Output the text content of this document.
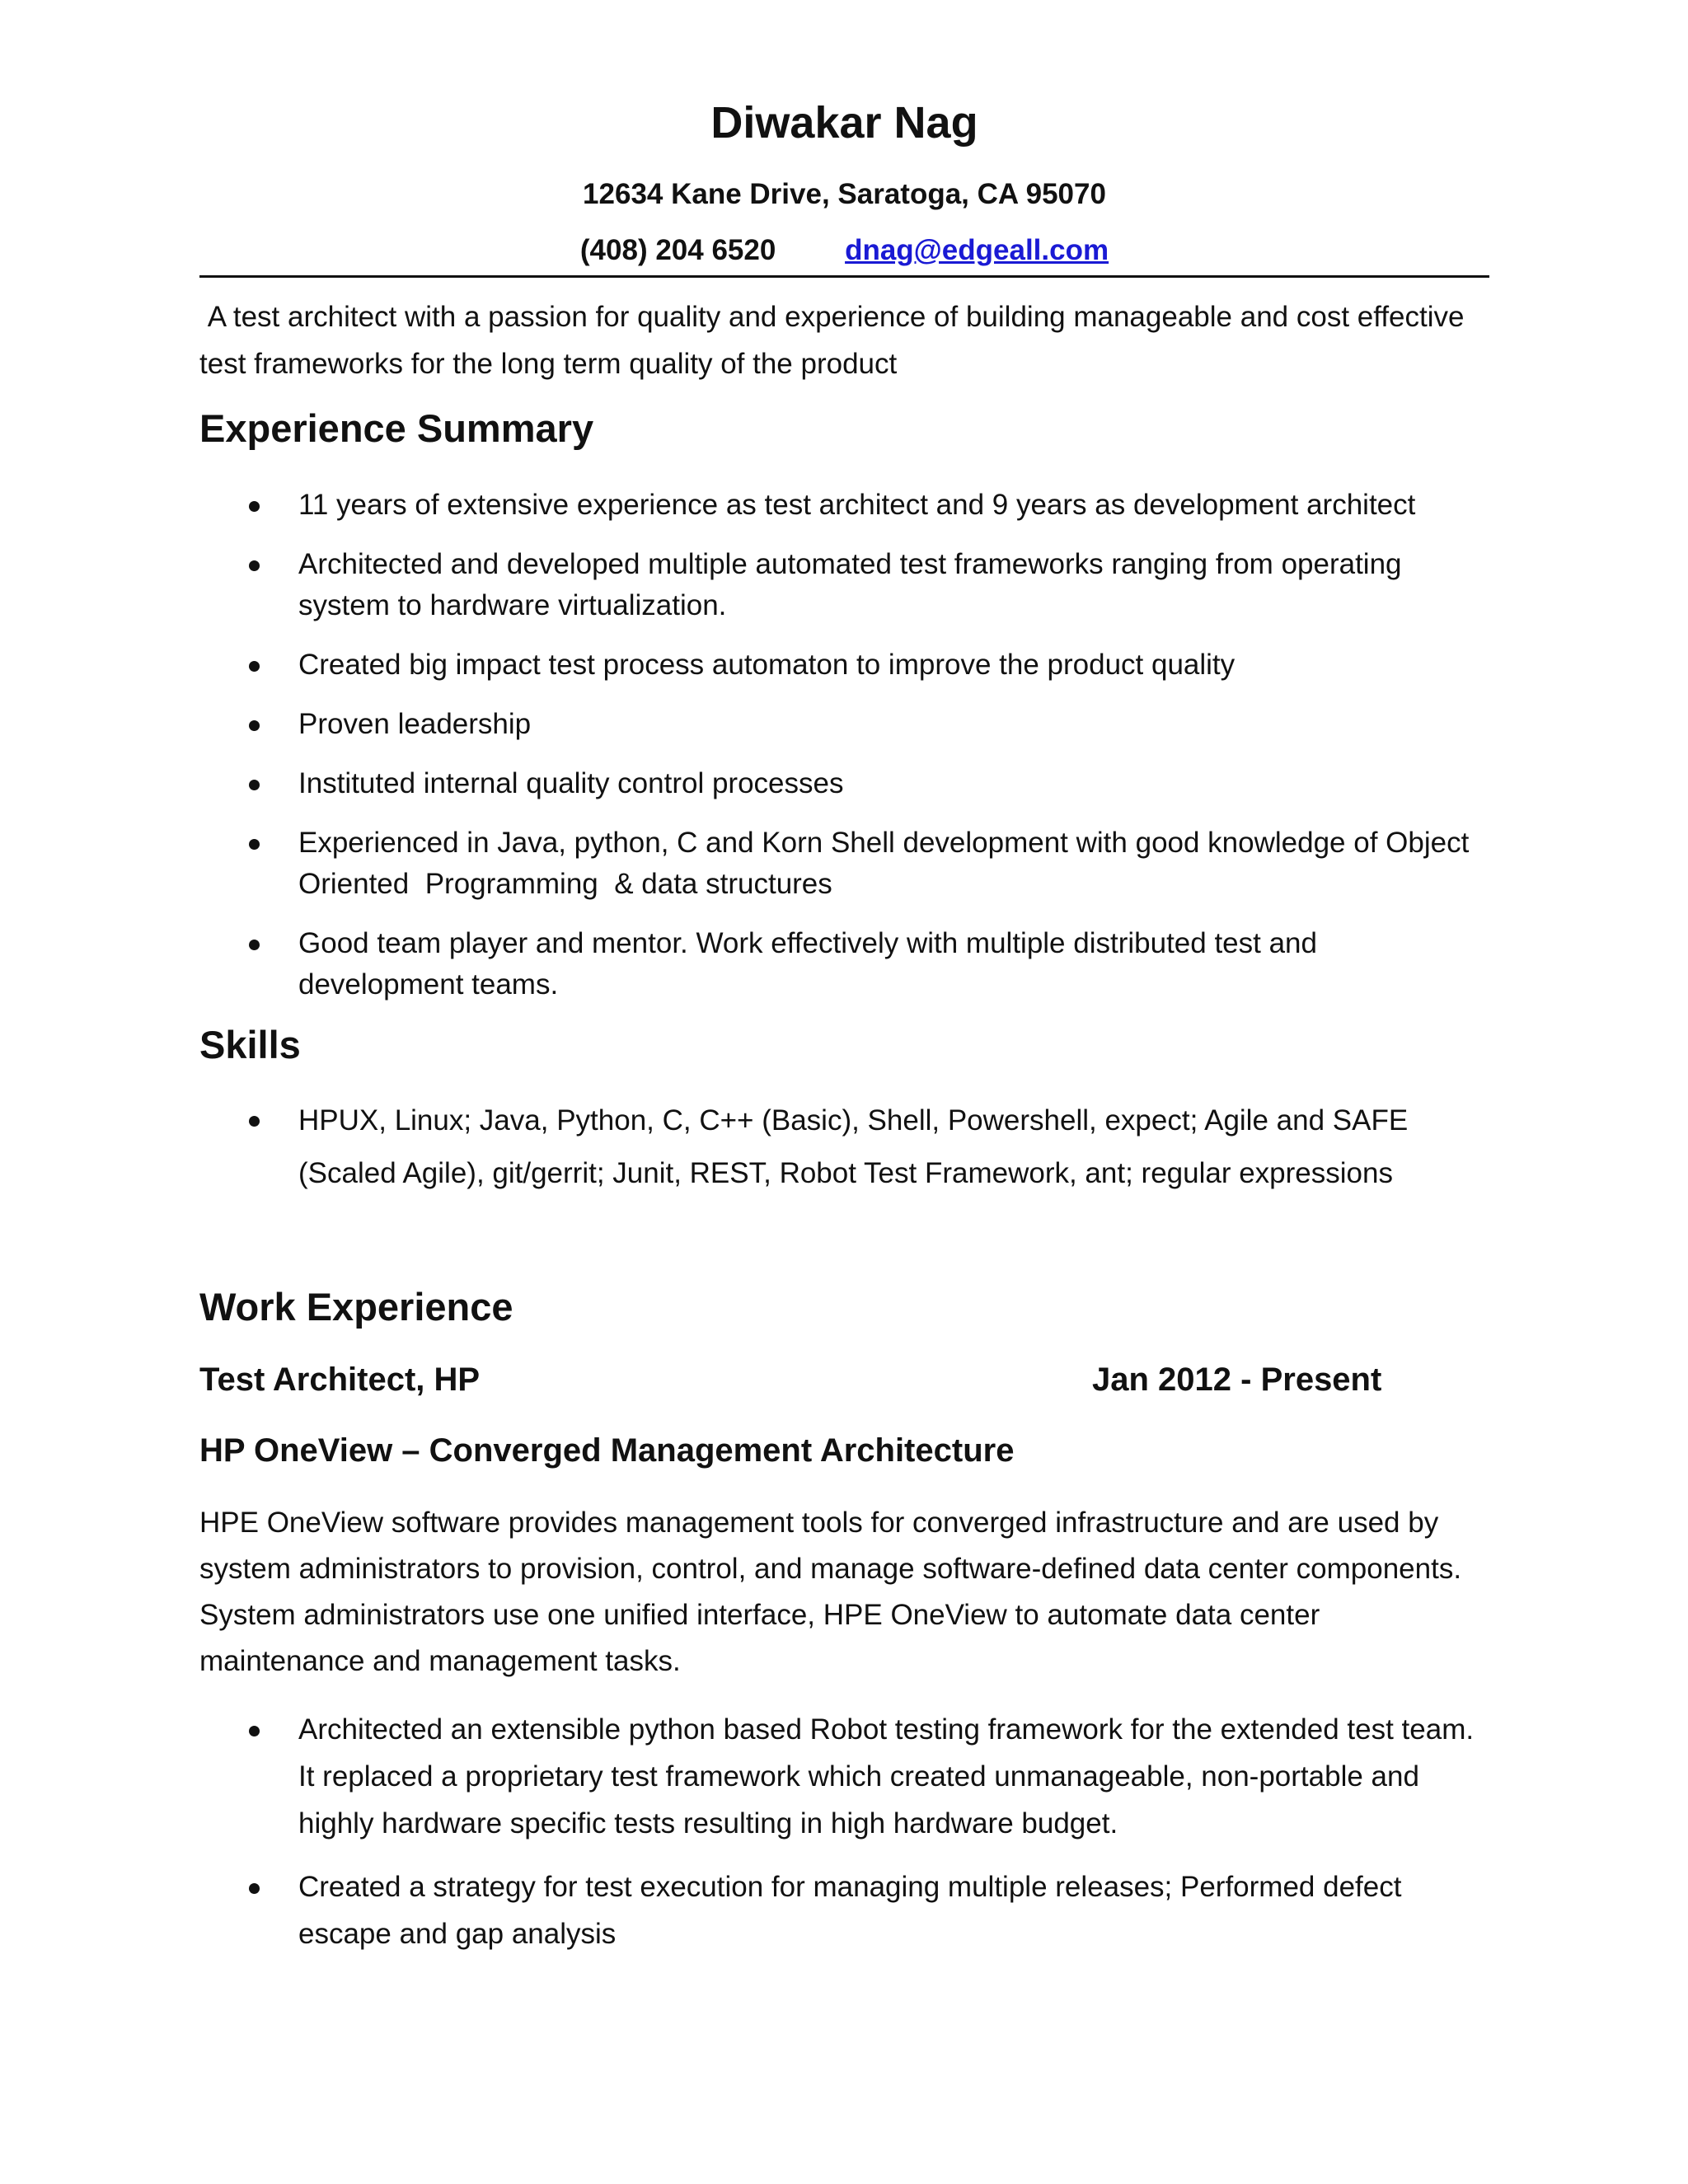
Diwakar Nag

12634 Kane Drive, Saratoga, CA 95070

(408) 204 6520 dnag@edgeall.com

A test architect with a passion for quality and experience of building manageable and cost effective test frameworks for the long term quality of the product

Experience Summary
11 years of extensive experience as test architect and 9 years as development architect
Architected and developed multiple automated test frameworks ranging from operating system to hardware virtualization.
Created big impact test process automaton to improve the product quality
Proven leadership
Instituted internal quality control processes
Experienced in Java, python, C and Korn Shell development with good knowledge of Object Oriented  Programming  & data structures
Good team player and mentor. Work effectively with multiple distributed test and development teams.
Skills
HPUX, Linux; Java, Python, C, C++ (Basic), Shell, Powershell, expect; Agile and SAFE (Scaled Agile), git/gerrit; Junit, REST, Robot Test Framework, ant; regular expressions
Work Experience
Test Architect, HP	Jan 2012 - Present
HP OneView – Converged Management Architecture

HPE OneView software provides management tools for converged infrastructure and are used by system administrators to provision, control, and manage software-defined data center components. System administrators use one unified interface, HPE OneView to automate data center maintenance and management tasks.

Architected an extensible python based Robot testing framework for the extended test team. It replaced a proprietary test framework which created unmanageable, non-portable and highly hardware specific tests resulting in high hardware budget.
Created a strategy for test execution for managing multiple releases; Performed defect escape and gap analysis
